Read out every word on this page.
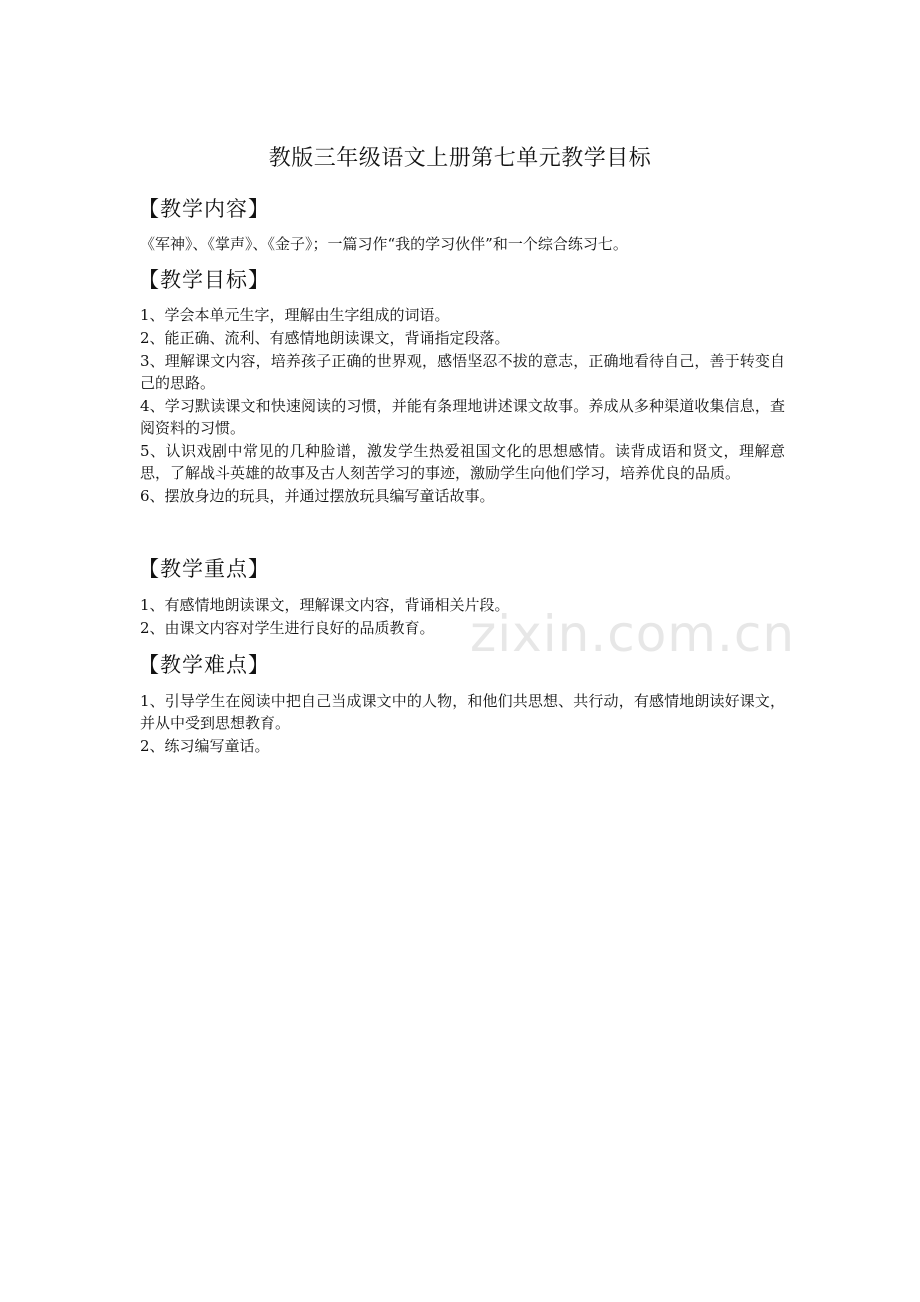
教版三年级语文上册第七单元教学目标
【教学内容】
《军神》、《掌声》、《金子》；一篇习作“我的学习伙伴”和一个综合练习七。
【教学目标】
1、学会本单元生字，理解由生字组成的词语。
2、能正确、流利、有感情地朗读课文，背诵指定段落。
3、理解课文内容，培养孩子正确的世界观，感悟坚忍不拔的意志，正确地看待自己，善于转变自己的思路。
4、学习默读课文和快速阅读的习惯，并能有条理地讲述课文故事。养成从多种渠道收集信息，查阅资料的习惯。
5、认识戏剧中常见的几种脸谱，激发学生热爱祖国文化的思想感情。读背成语和贤文，理解意思，了解战斗英雄的故事及古人刻苦学习的事迹，激励学生向他们学习，培养优良的品质。
6、摆放身边的玩具，并通过摆放玩具编写童话故事。
【教学重点】
1、有感情地朗读课文，理解课文内容，背诵相关片段。
2、由课文内容对学生进行良好的品质教育。
【教学难点】
1、引导学生在阅读中把自己当成课文中的人物，和他们共思想、共行动，有感情地朗读好课文，并从中受到思想教育。
2、练习编写童话。
zixin.com.cn
